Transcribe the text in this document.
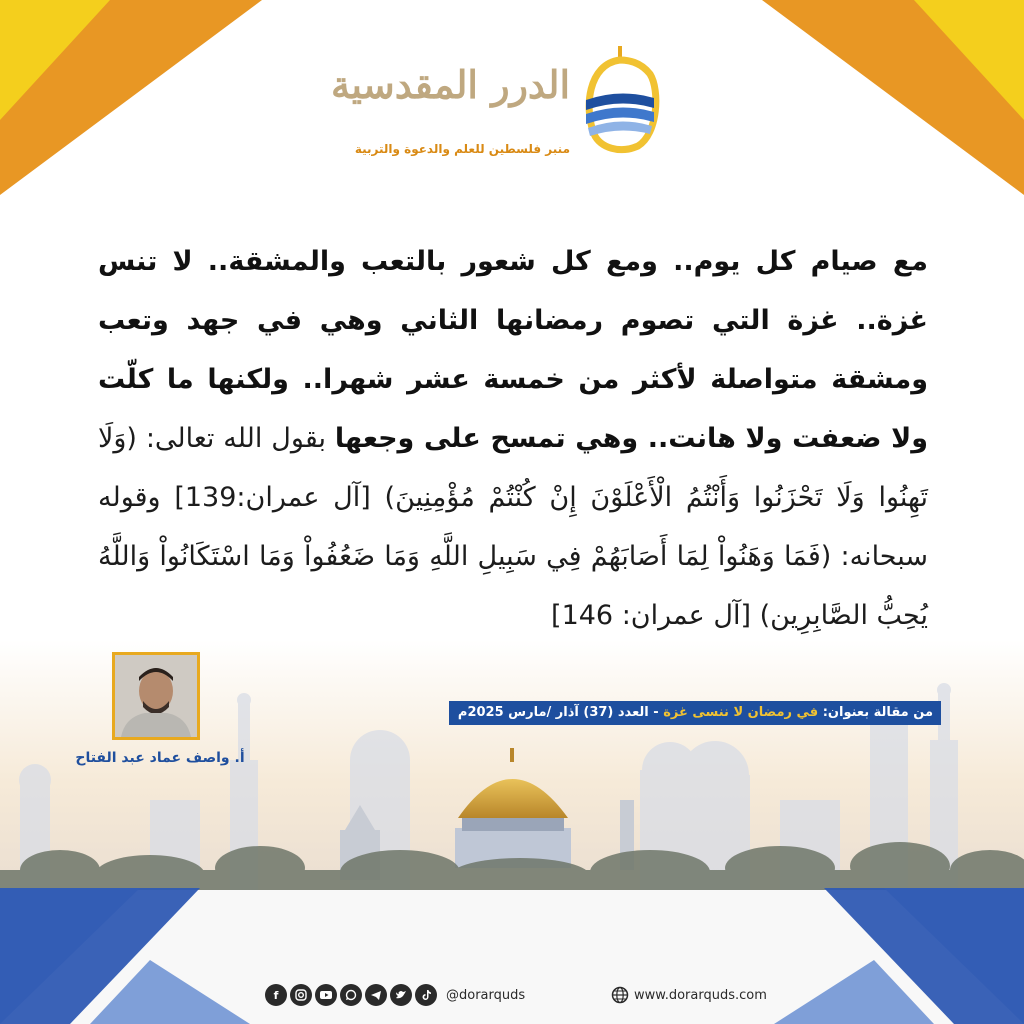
الدرر المقدسية
منبر فلسطين للعلم والدعوة والتربية
مع صيام كل يوم.. ومع كل شعور بالتعب والمشقة.. لا تنس غزة.. غزة التي تصوم رمضانها الثاني وهي في جهد وتعب ومشقة متواصلة لأكثر من خمسة عشر شهرا.. ولكنها ما كلّت ولا ضعفت ولا هانت.. وهي تمسح على وجعها بقول الله تعالى: (وَلَا تَهِنُوا وَلَا تَحْزَنُوا وَأَنْتُمُ الْأَعْلَوْنَ إِنْ كُنْتُمْ مُؤْمِنِينَ) [آل عمران:139] وقوله سبحانه: (فَمَا وَهَنُواْ لِمَا أَصَابَهُمْ فِي سَبِيلِ اللَّهِ وَمَا ضَعُفُواْ وَمَا اسْتَكَانُواْ وَاللَّهُ يُحِبُّ الصَّابِرِين) [آل عمران: 146]
أ. واصف عماد عبد الفتاح
من مقالة بعنوان: في رمضان لا ننسى غزة - العدد (37) آذار /مارس 2025م
f	@dorarquds	www.dorarquds.com
